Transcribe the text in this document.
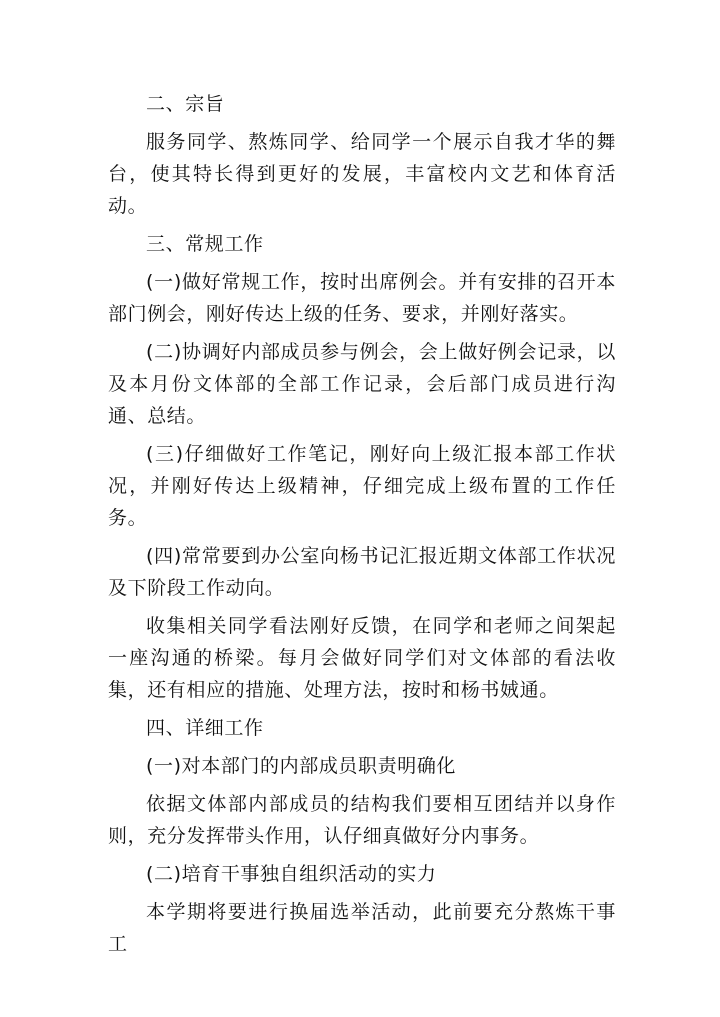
二、宗旨

服务同学、熬炼同学、给同学一个展示自我才华的舞台，使其特长得到更好的发展，丰富校内文艺和体育活动。

三、常规工作

(一)做好常规工作，按时出席例会。并有安排的召开本部门例会，刚好传达上级的任务、要求，并刚好落实。

(二)协调好内部成员参与例会，会上做好例会记录，以及本月份文体部的全部工作记录，会后部门成员进行沟通、总结。

(三)仔细做好工作笔记，刚好向上级汇报本部工作状况，并刚好传达上级精神，仔细完成上级布置的工作任务。

(四)常常要到办公室向杨书记汇报近期文体部工作状况及下阶段工作动向。

收集相关同学看法刚好反馈，在同学和老师之间架起一座沟通的桥梁。每月会做好同学们对文体部的看法收集，还有相应的措施、处理方法，按时和杨书娀通。

四、详细工作

(一)对本部门的内部成员职责明确化

依据文体部内部成员的结构我们要相互团结并以身作则，充分发挥带头作用，认仔细真做好分内事务。

(二)培育干事独自组织活动的实力

本学期将要进行换届选举活动，此前要充分熬炼干事工
